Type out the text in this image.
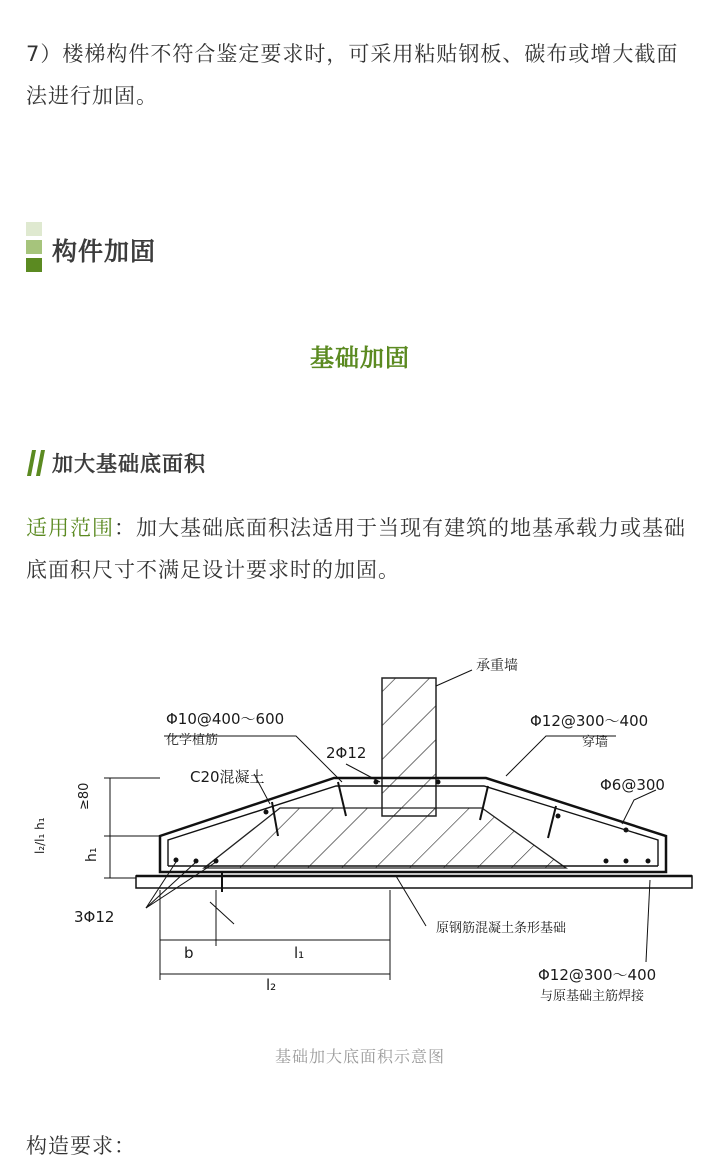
7）楼梯构件不符合鉴定要求时，可采用粘贴钢板、碳布或增大截面法进行加固。

构件加固
基础加固
加大基础底面积

适用范围：加大基础底面积法适用于当现有建筑的地基承载力或基础底面积尺寸不满足设计要求时的加固。

承重墙
Φ10@400～600
化学植筋
2Φ12
C20混凝土
Φ12@300～400
穿墙
Φ6@300
≥80
h₁
l₂/l₁ h₁
3Φ12
原钢筋混凝土条形基础
b	l₁
l₂
Φ12@300～400
与原基础主筋焊接
基础加大底面积示意图

构造要求：
